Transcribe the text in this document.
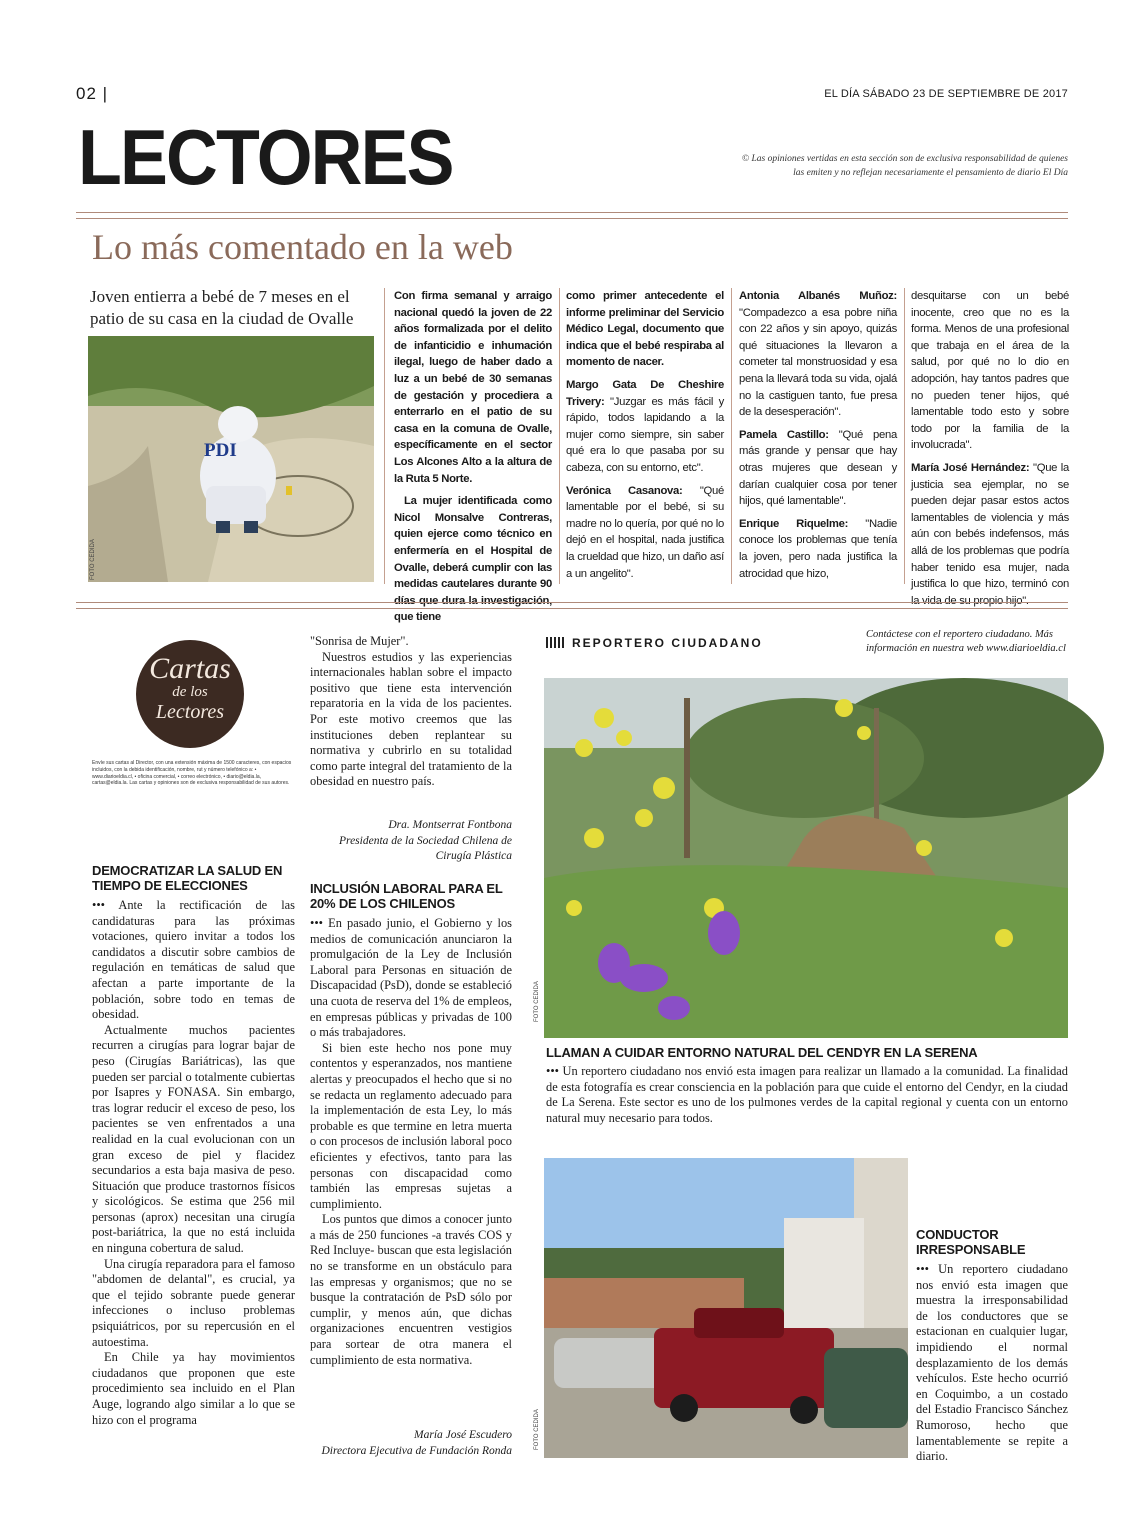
02 |	EL DÍA SÁBADO 23 DE SEPTIEMBRE DE 2017
LECTORES	© Las opiniones vertidas en esta sección son de exclusiva responsabilidad de quienes las emiten y no reflejan necesariamente el pensamiento de diario El Día
Lo más comentado en la web
Joven entierra a bebé de 7 meses en el patio de su casa en la ciudad de Ovalle
PDI
FOTO CEDIDA

Con firma semanal y arraigo nacional quedó la joven de 22 años formalizada por el delito de infanticidio e inhumación ilegal, luego de haber dado a luz a un bebé de 30 semanas de gestación y procediera a enterrarlo en el patio de su casa en la comuna de Ovalle, específicamente en el sector Los Alcones Alto a la altura de la Ruta 5 Norte.

La mujer identificada como Nicol Monsalve Contreras, quien ejerce como técnico en enfermería en el Hospital de Ovalle, deberá cumplir con las medidas cautelares durante 90 días que dura la investigación, que tiene

como primer antecedente el informe preliminar del Servicio Médico Legal, documento que indica que el bebé respiraba al momento de nacer.

Margo Gata De Cheshire Trivery: "Juzgar es más fácil y rápido, todos lapidando a la mujer como siempre, sin saber qué era lo que pasaba por su cabeza, con su entorno, etc".

Verónica Casanova: "Qué lamentable por el bebé, si su madre no lo quería, por qué no lo dejó en el hospital, nada justifica la crueldad que hizo, un daño así a un angelito".

Antonia Albanés Muñoz: "Compadezco a esa pobre niña con 22 años y sin apoyo, quizás qué situaciones la llevaron a cometer tal monstruosidad y esa pena la llevará toda su vida, ojalá no la castiguen tanto, fue presa de la desesperación".

Pamela Castillo: "Qué pena más grande y pensar que hay otras mujeres que desean y darían cualquier cosa por tener hijos, qué lamentable".

Enrique Riquelme: "Nadie conoce los problemas que tenía la joven, pero nada justifica la atrocidad que hizo,

desquitarse con un bebé inocente, creo que no es la forma. Menos de una profesional que trabaja en el área de la salud, por qué no lo dio en adopción, hay tantos padres que no pueden tener hijos, qué lamentable todo esto y sobre todo por la familia de la involucrada".

María José Hernández: "Que la justicia sea ejemplar, no se pueden dejar pasar estos actos lamentables de violencia y más aún con bebés indefensos, más allá de los problemas que podría haber tenido esa mujer, nada justifica lo que hizo, terminó con la vida de su propio hijo".

Cartas
de los
Lectores
Envíe sus cartas al Director, con una extensión máxima de 1500 caracteres, con espacios incluidos, con la debida identificación, nombre, rut y número telefónico a: • www.diarioeldia.cl, • oficina comercial, • correo electrónico, • diario@eldia.la, cartas@eldia.la. Las cartas y opiniones son de exclusiva responsabilidad de sus autores.
DEMOCRATIZAR LA SALUD EN TIEMPO DE ELECCIONES

••• Ante la rectificación de las candidaturas para las próximas votaciones, quiero invitar a todos los candidatos a discutir sobre cambios de regulación en temáticas de salud que afectan a parte importante de la población, sobre todo en temas de obesidad.

Actualmente muchos pacientes recurren a cirugías para lograr bajar de peso (Cirugías Bariátricas), las que pueden ser parcial o totalmente cubiertas por Isapres y FONASA. Sin embargo, tras lograr reducir el exceso de peso, los pacientes se ven enfrentados a una realidad en la cual evolucionan con un gran exceso de piel y flacidez secundarios a esta baja masiva de peso. Situación que produce trastornos físicos y sicológicos. Se estima que 256 mil personas (aprox) necesitan una cirugía post-bariátrica, la que no está incluida en ninguna cobertura de salud.

Una cirugía reparadora para el famoso "abdomen de delantal", es crucial, ya que el tejido sobrante puede generar infecciones o incluso problemas psiquiátricos, por su repercusión en el autoestima.

En Chile ya hay movimientos ciudadanos que proponen que este procedimiento sea incluido en el Plan Auge, logrando algo similar a lo que se hizo con el programa

"Sonrisa de Mujer".

Nuestros estudios y las experiencias internacionales hablan sobre el impacto positivo que tiene esta intervención reparatoria en la vida de los pacientes. Por este motivo creemos que las instituciones deben replantear su normativa y cubrirlo en su totalidad como parte integral del tratamiento de la obesidad en nuestro país.

Dra. Montserrat Fontbona
Presidenta de la Sociedad Chilena de Cirugía Plástica
INCLUSIÓN LABORAL PARA EL 20% DE LOS CHILENOS

••• En pasado junio, el Gobierno y los medios de comunicación anunciaron la promulgación de la Ley de Inclusión Laboral para Personas en situación de Discapacidad (PsD), donde se estableció una cuota de reserva del 1% de empleos, en empresas públicas y privadas de 100 o más trabajadores.

Si bien este hecho nos pone muy contentos y esperanzados, nos mantiene alertas y preocupados el hecho que si no se redacta un reglamento adecuado para la implementación de esta Ley, lo más probable es que termine en letra muerta o con procesos de inclusión laboral poco eficientes y efectivos, tanto para las personas con discapacidad como también las empresas sujetas a cumplimiento.

Los puntos que dimos a conocer junto a más de 250 funciones -a través COS y Red Incluye- buscan que esta legislación no se transforme en un obstáculo para las empresas y organismos; que no se busque la contratación de PsD sólo por cumplir, y menos aún, que dichas organizaciones encuentren vestigios para sortear de otra manera el cumplimiento de esta normativa.

María José Escudero
Directora Ejecutiva de Fundación Ronda
REPORTERO CIUDADANO
Contáctese con el reportero ciudadano. Más información en nuestra web www.diarioeldia.cl
FOTO CEDIDA
LLAMAN A CUIDAR ENTORNO NATURAL DEL CENDYR EN LA SERENA

••• Un reportero ciudadano nos envió esta imagen para realizar un llamado a la comunidad. La finalidad de esta fotografía es crear consciencia en la población para que cuide el entorno del Cendyr, en la ciudad de La Serena. Este sector es uno de los pulmones verdes de la capital regional y cuenta con un entorno natural muy necesario para todos.

FOTO CEDIDA
CONDUCTOR IRRESPONSABLE

••• Un reportero ciudadano nos envió esta imagen que muestra la irresponsabilidad de los conductores que se estacionan en cualquier lugar, impidiendo el normal desplazamiento de los demás vehículos. Este hecho ocurrió en Coquimbo, a un costado del Estadio Francisco Sánchez Rumoroso, hecho que lamentablemente se repite a diario.
